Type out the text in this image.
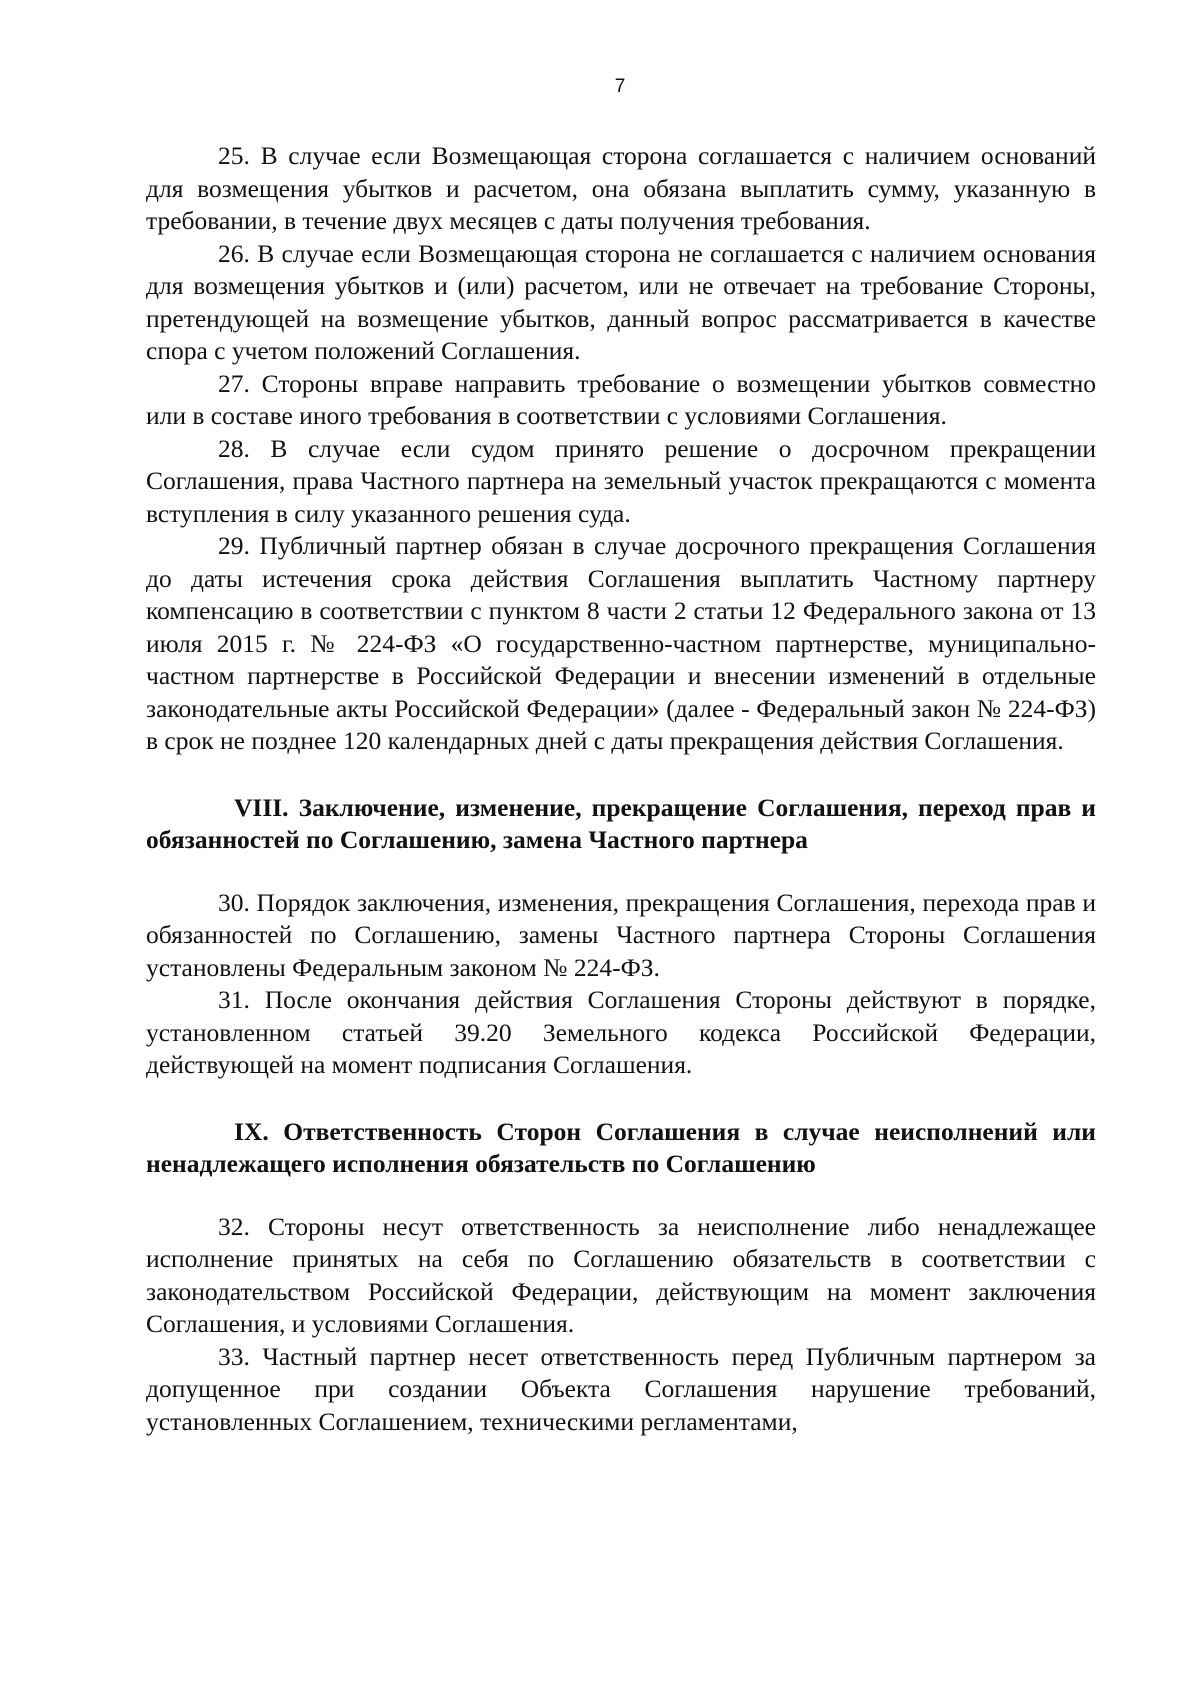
7

25. В случае если Возмещающая сторона соглашается с наличием оснований для возмещения убытков и расчетом, она обязана выплатить сумму, указанную в требовании, в течение двух месяцев с даты получения требования.

26. В случае если Возмещающая сторона не соглашается с наличием основания для возмещения убытков и (или) расчетом, или не отвечает на требование Стороны, претендующей на возмещение убытков, данный вопрос рассматривается в качестве спора с учетом положений Соглашения.

27. Стороны вправе направить требование о возмещении убытков совместно или в составе иного требования в соответствии с условиями Соглашения.

28. В случае если судом принято решение о досрочном прекращении Соглашения, права Частного партнера на земельный участок прекращаются с момента вступления в силу указанного решения суда.

29. Публичный партнер обязан в случае досрочного прекращения Соглашения до даты истечения срока действия Соглашения выплатить Частному партнеру компенсацию в соответствии с пунктом 8 части 2 статьи 12 Федерального закона от 13 июля 2015 г. № 224-ФЗ «О государственно-частном партнерстве, муниципально-частном партнерстве в Российской Федерации и внесении изменений в отдельные законодательные акты Российской Федерации» (далее - Федеральный закон № 224-ФЗ) в срок не позднее 120 календарных дней с даты прекращения действия Соглашения.

VIII. Заключение, изменение, прекращение Соглашения, переход прав и обязанностей по Соглашению, замена Частного партнера

30. Порядок заключения, изменения, прекращения Соглашения, перехода прав и обязанностей по Соглашению, замены Частного партнера Стороны Соглашения установлены Федеральным законом № 224-ФЗ.

31. После окончания действия Соглашения Стороны действуют в порядке, установленном статьей 39.20 Земельного кодекса Российской Федерации, действующей на момент подписания Соглашения.

IX. Ответственность Сторон Соглашения в случае неисполнений или ненадлежащего исполнения обязательств по Соглашению

32. Стороны несут ответственность за неисполнение либо ненадлежащее исполнение принятых на себя по Соглашению обязательств в соответствии с законодательством Российской Федерации, действующим на момент заключения Соглашения, и условиями Соглашения.

33. Частный партнер несет ответственность перед Публичным партнером за допущенное при создании Объекта Соглашения нарушение требований, установленных Соглашением, техническими регламентами,
